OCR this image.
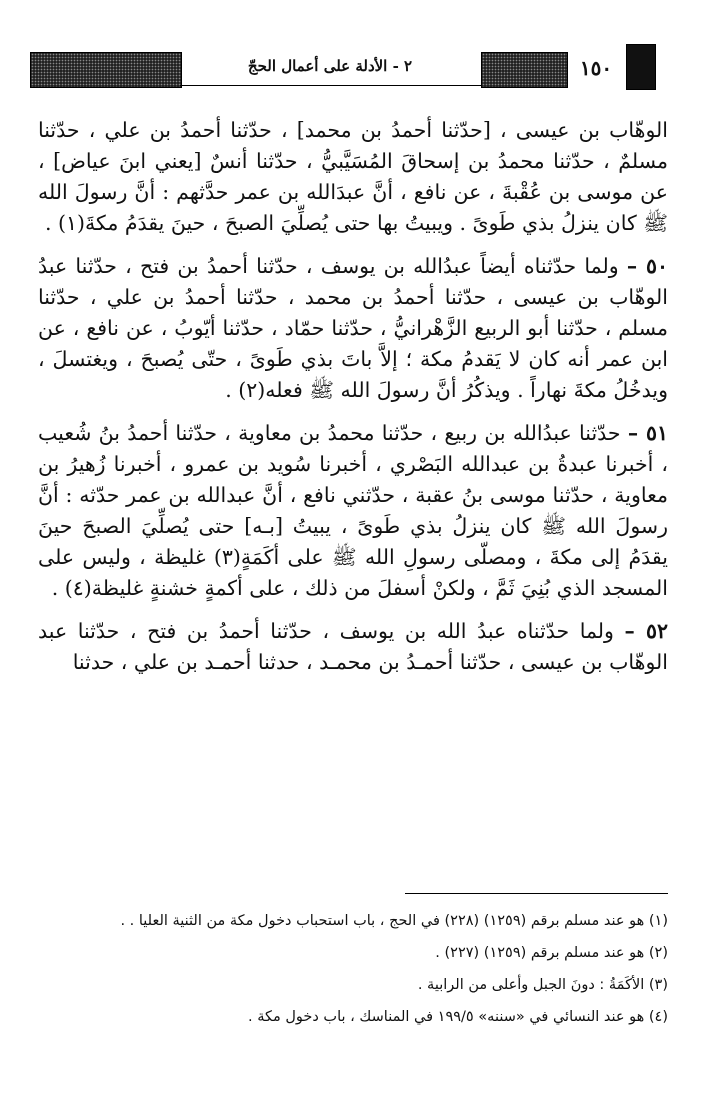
٢ - الأدلة على أعمال الحجّ	١٥٠

الوهّاب بن عيسى ، [حدّثنا أحمدُ بن محمد] ، حدّثنا أحمدُ بن علي ، حدّثنا مسلمٌ ، حدّثنا محمدُ بن إسحاقَ المُسَيَّبيُّ ، حدّثنا أنسٌ [يعني ابنَ عياض] ، عن موسى بن عُقْبةَ ، عن نافع ، أنَّ عبدَالله بن عمر حدَّثهم : أنَّ رسولَ الله ﷺ كان ينزلُ بذي طَوىً . ويبيتُ بها حتى يُصلِّيَ الصبحَ ، حينَ يقدَمُ مكةَ(١) .

٥٠ – ولما حدّثناه أيضاً عبدُالله بن يوسف ، حدّثنا أحمدُ بن فتح ، حدّثنا عبدُ الوهّاب بن عيسى ، حدّثنا أحمدُ بن محمد ، حدّثنا أحمدُ بن علي ، حدّثنا مسلم ، حدّثنا أبو الربيع الزَّهْرانيُّ ، حدّثنا حمّاد ، حدّثنا أيّوبُ ، عن نافع ، عن ابن عمر أنه كان لا يَقدمُ مكة ؛ إلاَّ باتَ بذي طَوىً ، حتّى يُصبحَ ، ويغتسلَ ، ويدخُلُ مكةَ نهاراً . ويذكُرُ أنَّ رسولَ الله ﷺ فعله(٢) .

٥١ – حدّثنا عبدُالله بن ربيع ، حدّثنا محمدُ بن معاوية ، حدّثنا أحمدُ بنُ شُعيب ، أخبرنا عبدةُ بن عبدالله البَصْري ، أخبرنا سُويد بن عمرو ، أخبرنا زُهيرُ بن معاوية ، حدّثنا موسى بنُ عقبة ، حدّثني نافع ، أنَّ عبدالله بن عمر حدّثه : أنَّ رسولَ الله ﷺ كان ينزلُ بذي طَوىً ، يبيتُ [بـه] حتى يُصلِّيَ الصبحَ حينَ يقدَمُ إلى مكةَ ، ومصلّى رسولِ الله ﷺ على أكَمَةٍ(٣) غليظة ، وليس على المسجد الذي بُنِيَ ثَمَّ ، ولكنْ أسفلَ من ذلك ، على أكمةٍ خشنةٍ غليظة(٤) .

٥٢ – ولما حدّثناه عبدُ الله بن يوسف ، حدّثنا أحمدُ بن فتح ، حدّثنا عبد الوهّاب بن عيسى ، حدّثنا أحمـدُ بن محمـد ، حدثنا أحمـد بن علي ، حدثنا

(١) هو عند مسلم برقم (١٢٥٩) (٢٢٨) في الحج ، باب استحباب دخول مكة من الثنية العليا . .

(٢) هو عند مسلم برقم (١٢٥٩) (٢٢٧) .

(٣) الأكَمَةُ : دونَ الجبل وأعلى من الرابية .

(٤) هو عند النسائي في «سننه» ١٩٩/٥ في المناسك ، باب دخول مكة .
